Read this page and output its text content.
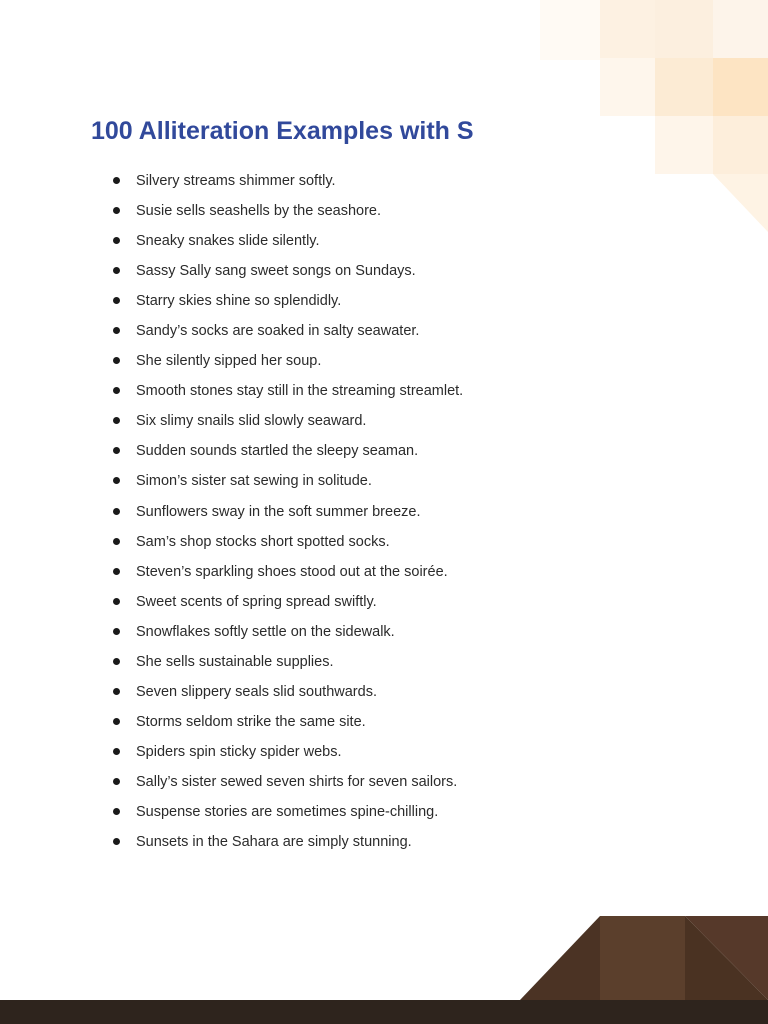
100 Alliteration Examples with S
Silvery streams shimmer softly.
Susie sells seashells by the seashore.
Sneaky snakes slide silently.
Sassy Sally sang sweet songs on Sundays.
Starry skies shine so splendidly.
Sandy’s socks are soaked in salty seawater.
She silently sipped her soup.
Smooth stones stay still in the streaming streamlet.
Six slimy snails slid slowly seaward.
Sudden sounds startled the sleepy seaman.
Simon’s sister sat sewing in solitude.
Sunflowers sway in the soft summer breeze.
Sam’s shop stocks short spotted socks.
Steven’s sparkling shoes stood out at the soirée.
Sweet scents of spring spread swiftly.
Snowflakes softly settle on the sidewalk.
She sells sustainable supplies.
Seven slippery seals slid southwards.
Storms seldom strike the same site.
Spiders spin sticky spider webs.
Sally’s sister sewed seven shirts for seven sailors.
Suspense stories are sometimes spine-chilling.
Sunsets in the Sahara are simply stunning.
